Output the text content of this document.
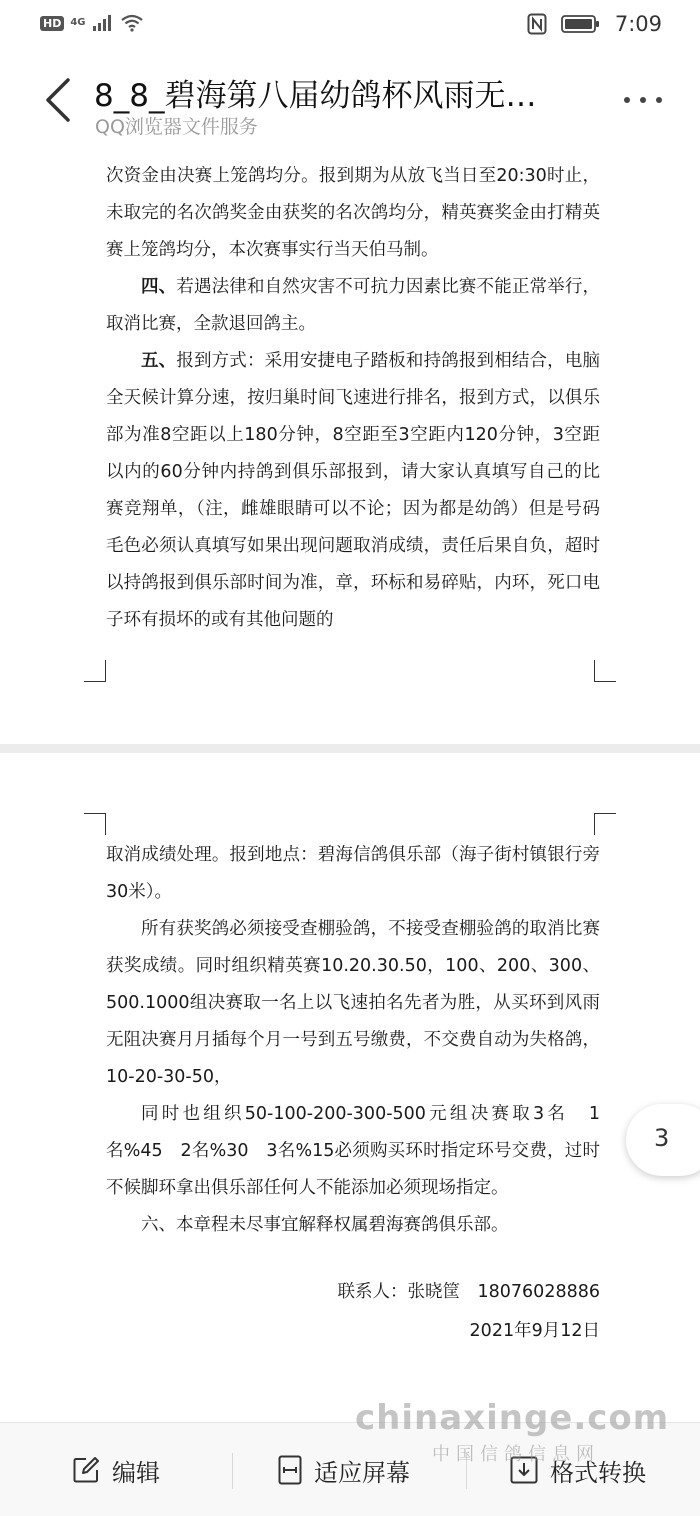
HD 4G	7:09
8_8_碧海第八届幼鸽杯风雨无…
QQ浏览器文件服务
次资金由决赛上笼鸽均分。报到期为从放飞当日至20:30时止，未取完的名次鸽奖金由获奖的名次鸽均分，精英赛奖金由打精英赛上笼鸽均分，本次赛事实行当天伯马制。
四、若遇法律和自然灾害不可抗力因素比赛不能正常举行，取消比赛，全款退回鸽主。
五、报到方式：采用安捷电子踏板和持鸽报到相结合，电脑全天候计算分速，按归巢时间飞速进行排名，报到方式，以俱乐部为准8空距以上180分钟，8空距至3空距内120分钟，3空距以内的60分钟内持鸽到俱乐部报到，请大家认真填写自己的比赛竞翔单，（注，雌雄眼睛可以不论；因为都是幼鸽）但是号码毛色必须认真填写如果出现问题取消成绩，责任后果自负，超时以持鸽报到俱乐部时间为准，章，环标和易碎贴，内环，死口电子环有损坏的或有其他问题的
取消成绩处理。报到地点：碧海信鸽俱乐部（海子街村镇银行旁30米）。
所有获奖鸽必须接受查棚验鸽，不接受查棚验鸽的取消比赛获奖成绩。同时组织精英赛10.20.30.50，100、200、300、500.1000组决赛取一名上以飞速拍名先者为胜，从买环到风雨无阻决赛月月插每个月一号到五号缴费，不交费自动为失格鸽，10-20-30-50，
同时也组织50-100-200-300-500元组决赛取3名　1名%45　2名%30　3名%15必须购买环时指定环号交费，过时不候脚环拿出俱乐部任何人不能添加必须现场指定。
六、本章程未尽事宜解释权属碧海赛鸽俱乐部。
联系人：张晓筐　18076028886
2021年9月12日
3
编辑	适应屏幕	格式转换
chinaxinge.com
中国信鸽信息网
